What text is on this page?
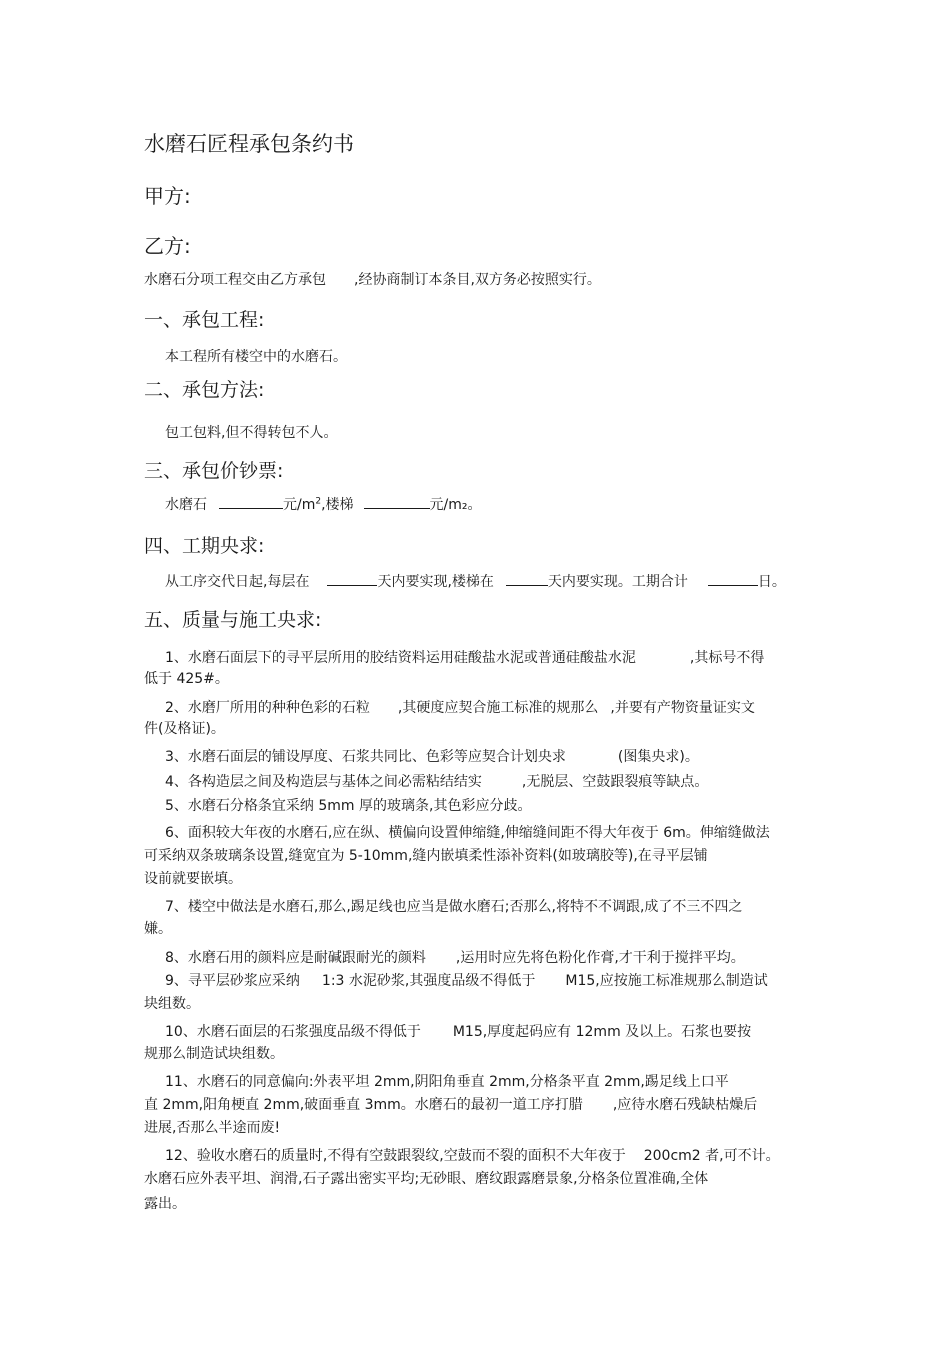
水磨石匠程承包条约书
甲方:
乙方:
水磨石分项工程交由乙方承包 ,经协商制订本条目,双方务必按照实行。
一、承包工程:
本工程所有楼空中的水磨石。
二、承包方法:
包工包料,但不得转包不人。
三、承包价钞票:
水磨石	元$/m^2$,楼梯	元/m₂。
四、工期央求:
从工序交代日起,每层在	天内要实现,楼梯在	天内要实现。工期合计	日。
五、质量与施工央求:
1、水磨石面层下的寻平层所用的胶结资料运用硅酸盐水泥或普通硅酸盐水泥	,其标号不得
低于 425#。
2、水磨厂所用的种种色彩的石粒 ,其硬度应契合施工标准的规那么 ,并要有产物资量证实文
件(及格证)。
3、水磨石面层的铺设厚度、石浆共同比、色彩等应契合计划央求	(图集央求)。
4、各构造层之间及构造层与基体之间必需粘结结实	,无脱层、空鼓跟裂痕等缺点。
5、水磨石分格条宜采纳 5mm 厚的玻璃条,其色彩应分歧。
6、面积较大年夜的水磨石,应在纵、横偏向设置伸缩缝,伸缩缝间距不得大年夜于 6m。伸缩缝做法
可采纳双条玻璃条设置,缝宽宜为 5-10mm,缝内嵌填柔性添补资料(如玻璃胶等),在寻平层铺
设前就要嵌填。
7、楼空中做法是水磨石,那么,踢足线也应当是做水磨石;否那么,将特不不调跟,成了不三不四之
嫌。
8、水磨石用的颜料应是耐碱跟耐光的颜料 ,运用时应先将色粉化作膏,才干利于搅拌平均。
9、寻平层砂浆应采纳 1:3 水泥砂浆,其强度品级不得低于 M15,应按施工标准规那么制造试
块组数。
10、水磨石面层的石浆强度品级不得低于 M15,厚度起码应有 12mm 及以上。石浆也要按
规那么制造试块组数。
11、水磨石的同意偏向:外表平坦 2mm,阴阳角垂直 2mm,分格条平直 2mm,踢足线上口平
直 2mm,阳角梗直 2mm,破面垂直 3mm。水磨石的最初一道工序打腊 ,应待水磨石残缺枯燥后
进展,否那么半途而废!
12、验收水磨石的质量时,不得有空鼓跟裂纹,空鼓而不裂的面积不大年夜于 200cm2 者,可不计。
水磨石应外表平坦、润滑,石子露出密实平均;无砂眼、磨纹跟露磨景象,分格条位置准确,全体
露出。
